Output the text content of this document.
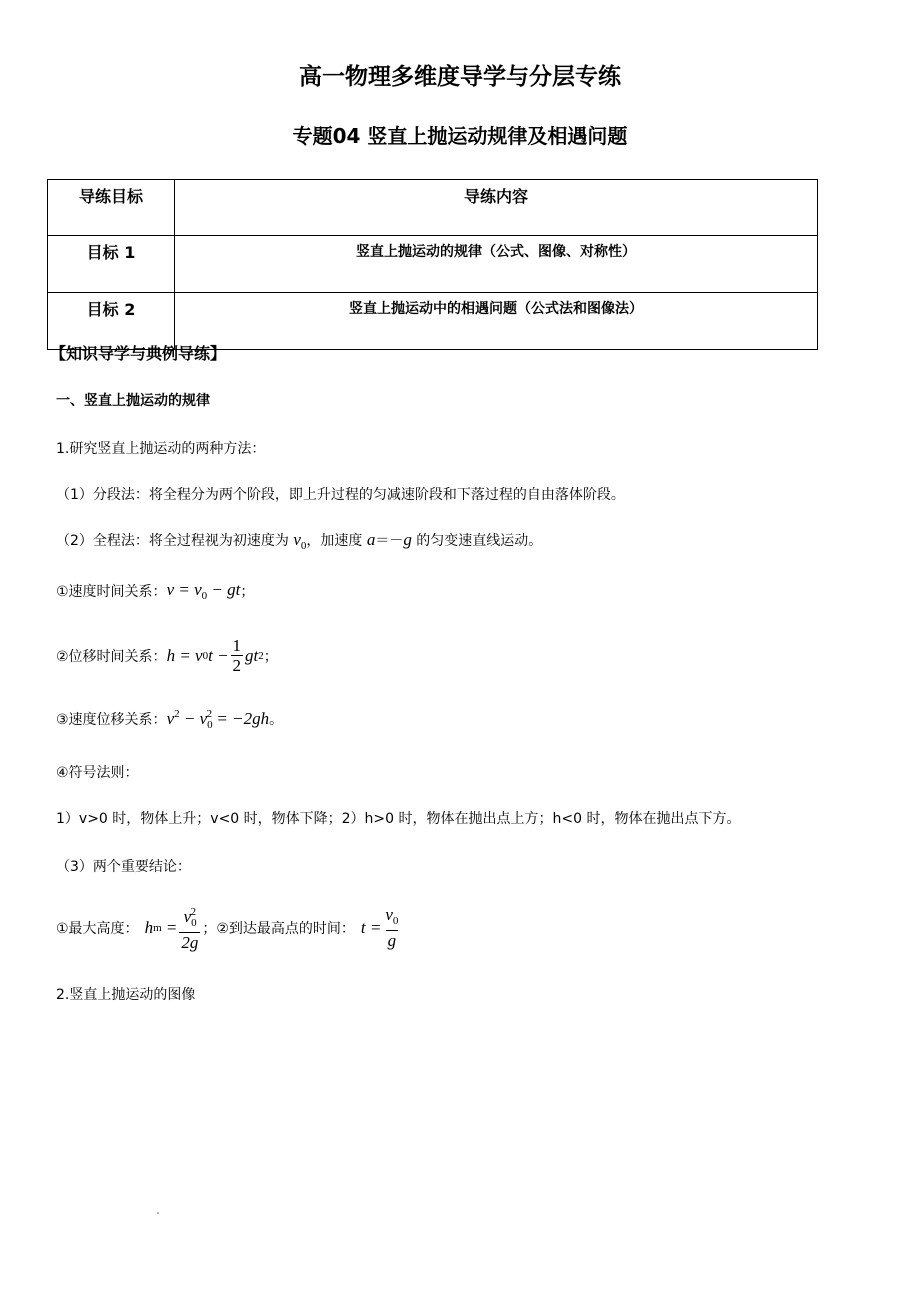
高一物理多维度导学与分层专练
专题04 竖直上抛运动规律及相遇问题
导练目标	导练内容
目标 1	竖直上抛运动的规律（公式、图像、对称性）
目标 2	竖直上抛运动中的相遇问题（公式法和图像法）
【知识导学与典例导练】
一、竖直上抛运动的规律
1.研究竖直上抛运动的两种方法：
（1）分段法：将全程分为两个阶段，即上升过程的匀减速阶段和下落过程的自由落体阶段。
（2）全程法：将全过程视为初速度为 $v_0$，加速度 a＝－g 的匀变速直线运动。
①速度时间关系： $v = v_0$ − gt ；
②位移时间关系： h = v 0 $t - \frac{1}{2}$ gt 2 ；
③速度位移关系： $v^2 - v_0^2 = -2gh$ 。
④符号法则：
1）v>0 时，物体上升；v<0 时，物体下降；2）h>0 时，物体在抛出点上方；h<0 时，物体在抛出点下方。
（3）两个重要结论：
①最大高度： h $m = \frac{v_0^2}{2g}$ ； ②到达最高点的时间： $t = \frac{v_0}{g}$
2.竖直上抛运动的图像
